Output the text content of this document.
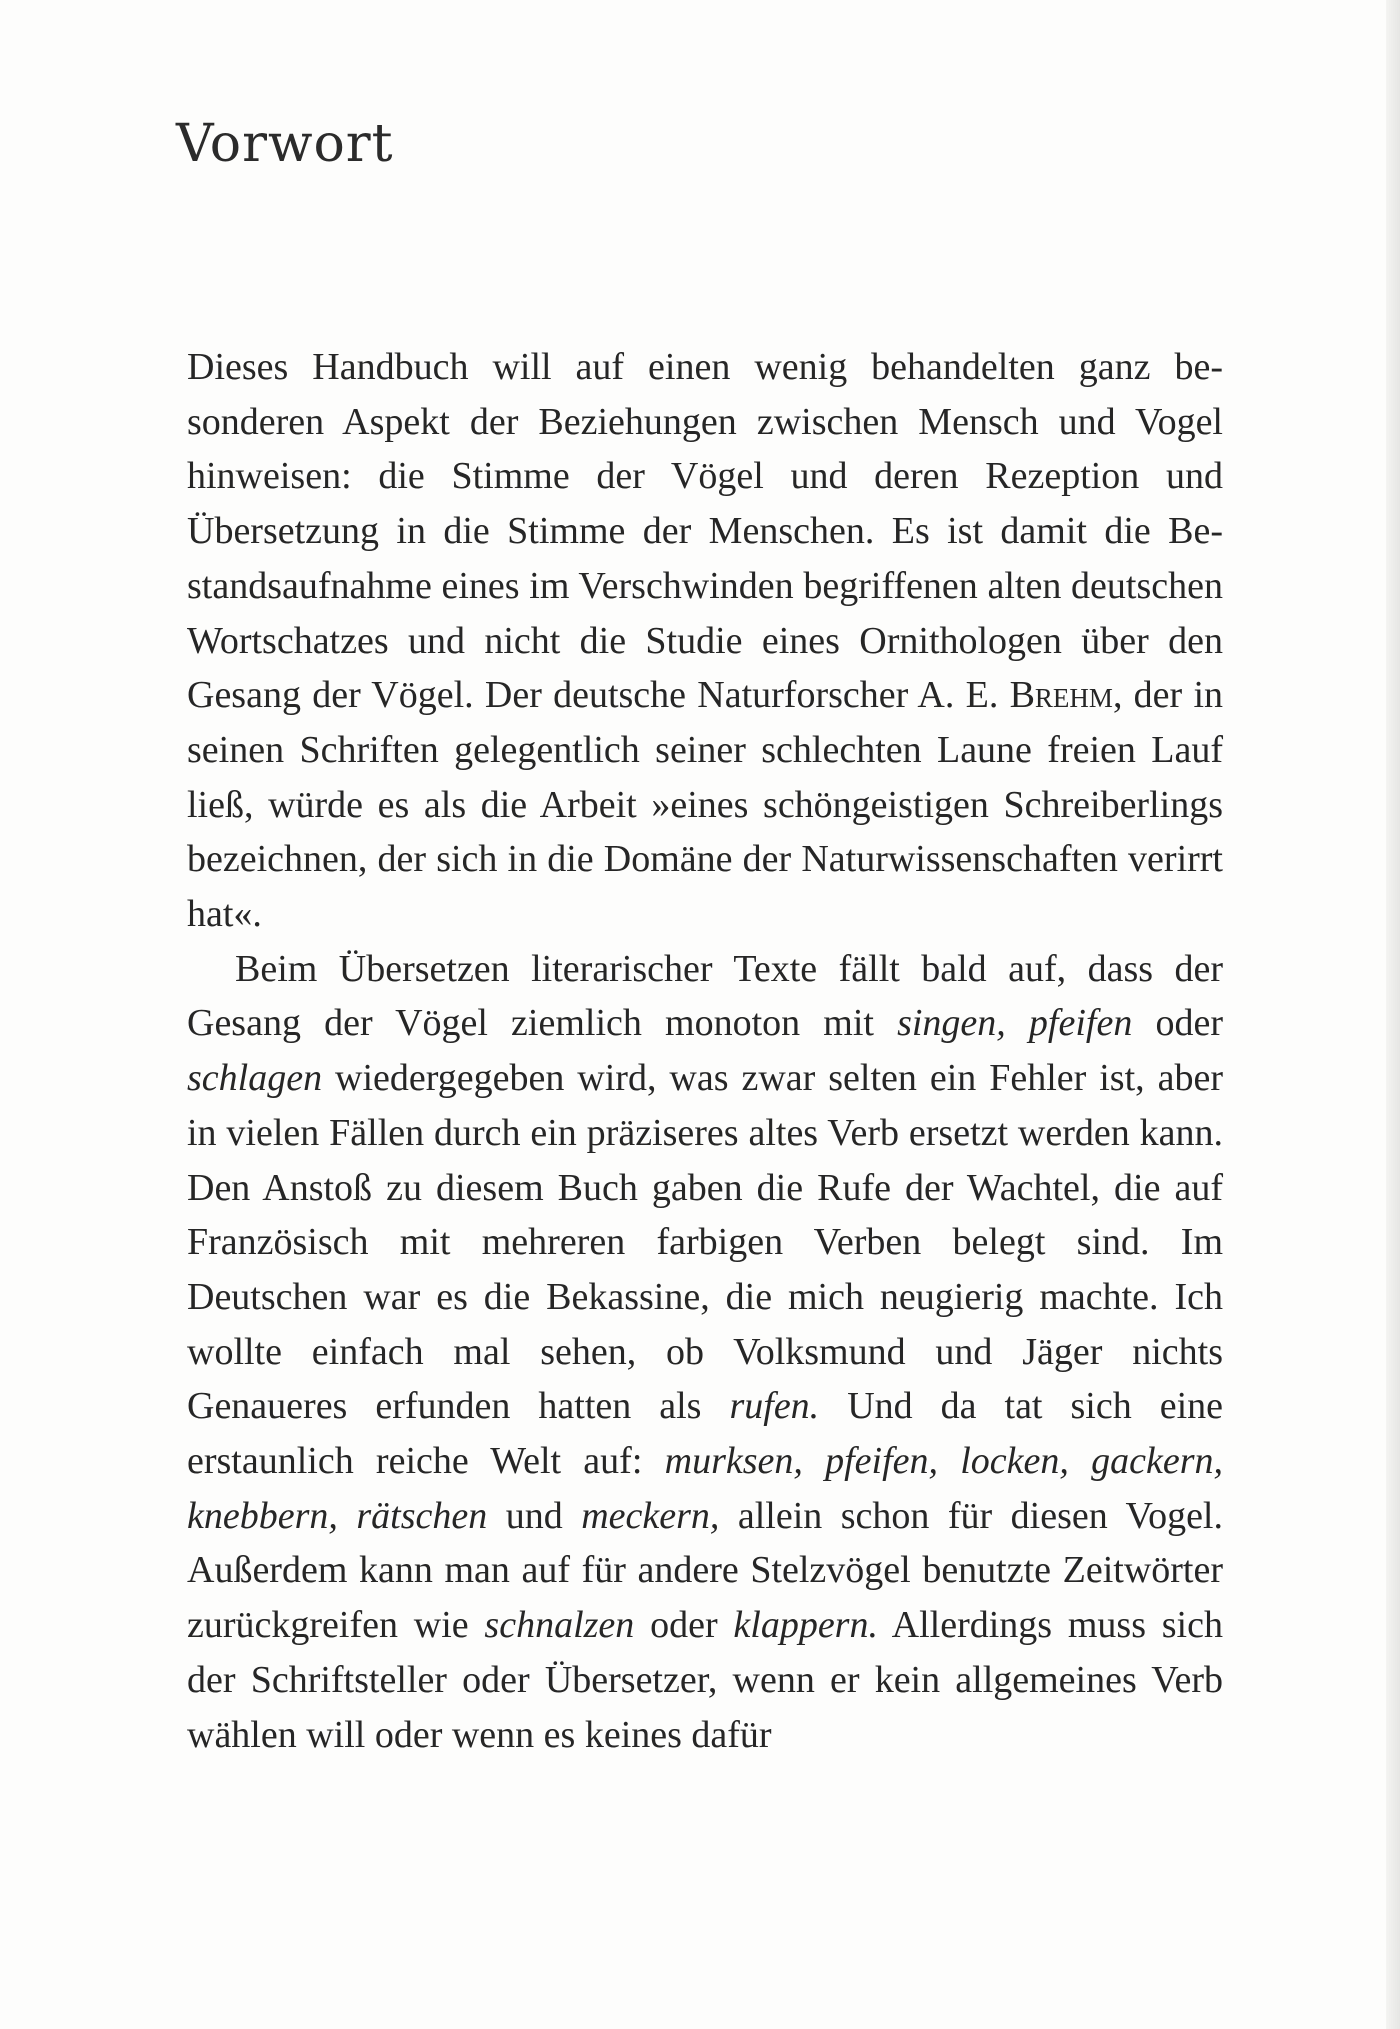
Vorwort

Dieses Handbuch will auf einen wenig behandelten ganz besonderen Aspekt der Beziehungen zwischen Mensch und Vogel hinweisen: die Stimme der Vögel und deren Rezeption und Übersetzung in die Stimme der Menschen. Es ist damit die Bestandsaufnahme eines im Verschwinden begriffenen alten deutschen Wortschatzes und nicht die Studie eines Ornithologen über den Gesang der Vögel. Der deutsche Naturforscher A. E. Brehm, der in seinen Schriften gelegentlich seiner schlechten Laune freien Lauf ließ, würde es als die Arbeit »eines schöngeistigen Schreiberlings bezeichnen, der sich in die Domäne der Naturwissenschaften verirrt hat«.

Beim Übersetzen literarischer Texte fällt bald auf, dass der Gesang der Vögel ziemlich monoton mit singen, pfeifen oder schlagen wiedergegeben wird, was zwar selten ein Fehler ist, aber in vielen Fällen durch ein präziseres altes Verb ersetzt werden kann. Den Anstoß zu diesem Buch gaben die Rufe der Wachtel, die auf Französisch mit mehreren farbigen Verben belegt sind. Im Deutschen war es die Bekassine, die mich neugierig machte. Ich wollte einfach mal sehen, ob Volksmund und Jäger nichts Genaueres erfunden hatten als rufen. Und da tat sich eine erstaunlich reiche Welt auf: murksen, pfeifen, locken, gackern, knebbern, rätschen und meckern, allein schon für diesen Vogel. Außerdem kann man auf für andere Stelzvögel benutzte Zeitwörter zurückgreifen wie schnalzen oder klappern. Allerdings muss sich der Schriftsteller oder Übersetzer, wenn er kein allgemeines Verb wählen will oder wenn es keines dafür
